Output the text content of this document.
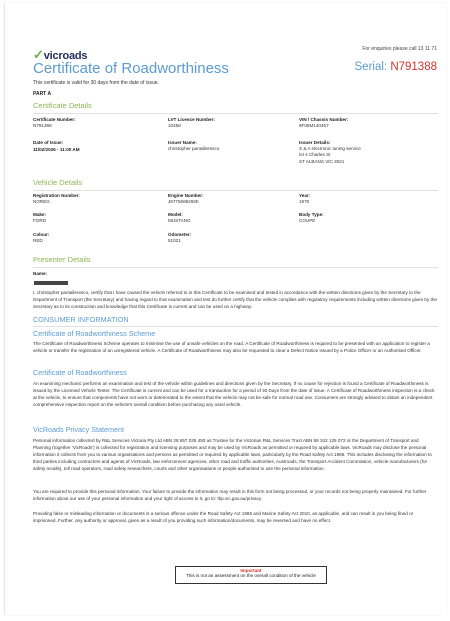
✓vicroads
For enquiries please call 13 11 71
Certificate of Roadworthiness	Serial: N791388
This certificate is valid for 30 days from the date of issue.
PART A
Certificate Details
Certificate Number:
N791388
LVT Licence Number:
10458
VIN / Chassis Number:
9F05M140457
Date of Issue:
11/02/2026 - 11:00 AM
Issuer Name:
christopher pantalleresco
Issuer Details:
S & A electronic tuning service
lot 4 Charles St
ST ALBANS VIC 3021
Vehicle Details
Registration Number:
NOREG
Engine Number:
J6775689293K
Year:
1970
Make:
FORD
Model:
MUSTANG
Body Type:
COUPE
Colour:
RED
Odometer:
51021
Presenter Details
Name:
I, christopher pantalleresco, certify that I have caused the vehicle referred to in this Certificate to be examined and tested in accordance with the written directions given by the Secretary to the Department of Transport (the Secretary) and having regard to that examination and test do further certify that the vehicle complies with regulatory requirements including written directions given by the Secretary as to its construction and knowledge that this Certificate is current and can be used on a highway.
CONSUMER INFORMATION
Certificate of Roadworthiness Scheme
The Certificate of Roadworthiness Scheme operates to minimise the use of unsafe vehicles on the road. A Certificate of Roadworthiness is required to be presented with an application to register a vehicle or transfer the registration of an unregistered vehicle. A Certificate of Roadworthiness may also be requested to clear a Defect Notice issued by a Police Officer or an Authorised Officer.
Certificate of Roadworthiness
An examining mechanic performs an examination and test of the vehicle within guidelines and directions given by the Secretary. If no cause for rejection is found a Certificate of Roadworthiness is issued by the Licensed Vehicle Tester. The Certificate is current and can be used for a transaction for a period of 30 Days from the date of issue. A Certificate of Roadworthiness inspection is a check at the vehicle, to ensure that components have not worn or deteriorated to the extent that the vehicle may not be safe for normal road use. Consumers are strongly advised to obtain an independent comprehensive inspection report on the vehicle's overall condition before purchasing any used vehicle.
VicRoads Privacy Statement
Personal information collected by R&L Services Victoria Pty Ltd ABN 28 657 035 493 as Trustee for the Victorian R&L Services Trust ABN 58 342 125 072 or the Department of Transport and Planning (together 'VicRoads') is collected for registration and licensing purposes and may be used by VicRoads as permitted or required by applicable laws. VicRoads may disclose the personal information it collects from you to various organisations and persons as permitted or required by applicable laws, particularly by the Road Safety Act 1986. This includes disclosing the information to third parties including contractors and agents of VicRoads, law enforcement agencies, other road and traffic authorities, Austroads, the Transport Accident Commission, vehicle manufacturers (for safety recalls), toll road operators, road safety researchers, courts and other organisations or people authorised to use the personal information.
You are required to provide this personal information. Your failure to provide the information may result in this form not being processed, or your records not being properly maintained. For further information about our use of your personal information and your right of access to it, go to: tbp.vic.gov.au/privacy.
Providing false or misleading information or documents is a serious offence under the Road Safety Act 1986 and Marine Safety Act 2010, as applicable, and can result in you being fined or imprisoned. Further, any authority or approval, given as a result of you providing such information/documents, may be reversed and have no effect.
Important
This is not an assessment on the overall condition of the vehicle
